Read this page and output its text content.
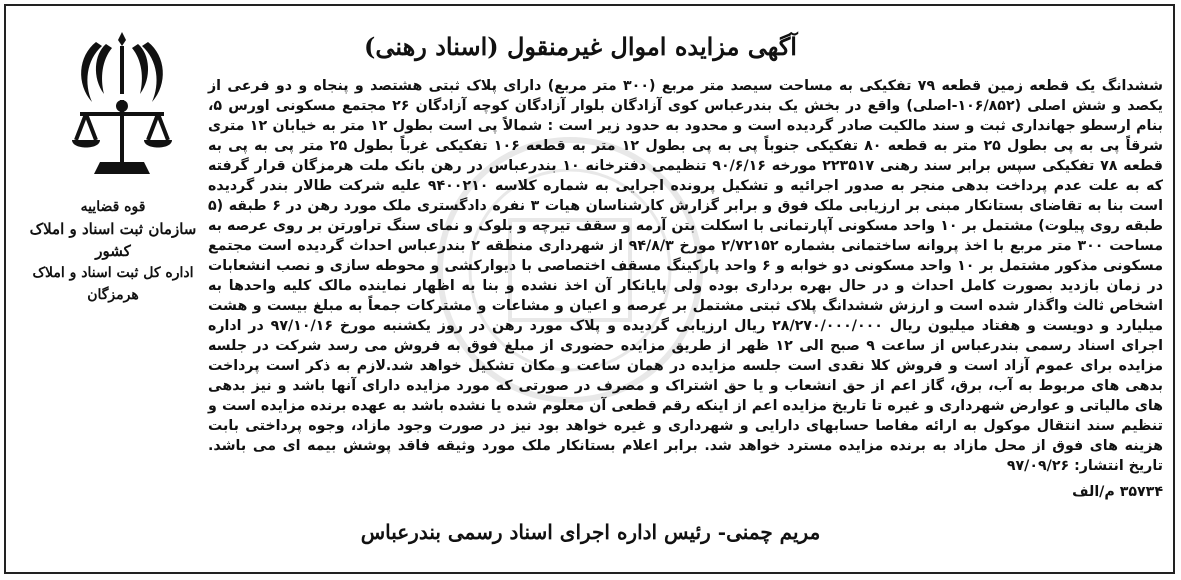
آگهی مزایده اموال غیرمنقول (اسناد رهنی)
قوه قضاییه
سازمان ثبت اسناد و املاک کشور
اداره کل ثبت اسناد و املاک هرمزگان

ششدانگ یک قطعه زمین قطعه ۷۹ تفکیکی به مساحت سیصد متر مربع (۳۰۰ متر مربع) دارای پلاک ثبتی هشتصد و پنجاه و دو فرعی از یکصد و شش اصلی (۱۰۶/۸۵۲-اصلی) واقع در بخش یک بندرعباس کوی آزادگان بلوار آزادگان کوچه آزادگان ۲۶ مجتمع مسکونی اورس ۵، بنام ارسطو جهانداری ثبت و سند مالکیت صادر گردیده است و محدود به حدود زیر است : شمالاً پی است بطول ۱۲ متر به خیابان ۱۲ متری شرقاً پی به پی بطول ۲۵ متر به قطعه ۸۰ تفکیکی جنوباً پی به پی بطول ۱۲ متر به قطعه ۱۰۶ تفکیکی غرباً بطول ۲۵ متر پی به پی به قطعه ۷۸ تفکیکی سپس برابر سند رهنی ۲۲۳۵۱۷ مورخه ۹۰/۶/۱۶ تنظیمی دفترخانه ۱۰ بندرعباس در رهن بانک ملت هرمزگان قرار گرفته که به علت عدم پرداخت بدهی منجر به صدور اجرائیه و تشکیل پرونده اجرایی به شماره کلاسه ۹۴۰۰۲۱۰ علیه شرکت طالار بندر گردیده است بنا به تقاضای بستانکار مبنی بر ارزیابی ملک فوق و برابر گزارش کارشناسان هیات ۳ نفره دادگستری ملک مورد رهن در ۶ طبقه (۵ طبقه روی پیلوت) مشتمل بر ۱۰ واحد مسکونی آپارتمانی با اسکلت بتن آرمه و سقف تیرچه و بلوک و نمای سنگ تراورتن بر روی عرصه به مساحت ۳۰۰ متر مربع با اخذ پروانه ساختمانی بشماره ۲/۷۲۱۵۲ مورخ ۹۴/۸/۳ از شهرداری منطقه ۲ بندرعباس احداث گردیده است مجتمع مسکونی مذکور مشتمل بر ۱۰ واحد مسکونی دو خوابه و ۶ واحد پارکینگ مسقف اختصاصی با دیوارکشی و محوطه سازی و نصب انشعابات در زمان بازدید بصورت کامل احداث و در حال بهره برداری بوده ولی پایانکار آن اخذ نشده و بنا به اظهار نماینده مالک کلیه واحدها به اشخاص ثالث واگذار شده است و ارزش ششدانگ پلاک ثبتی مشتمل بر عرصه و اعیان و مشاعات و مشترکات جمعاً به مبلغ بیست و هشت میلیارد و دویست و هفتاد میلیون ریال ۲۸/۲۷۰/۰۰۰/۰۰۰ ریال ارزیابی گردیده و پلاک مورد رهن در روز یکشنبه مورخ ۹۷/۱۰/۱۶ در اداره اجرای اسناد رسمی بندرعباس از ساعت ۹ صبح الی ۱۲ ظهر از طریق مزایده حضوری از مبلغ فوق به فروش می رسد شرکت در جلسه مزایده برای عموم آزاد است و فروش کلا نقدی است جلسه مزایده در همان ساعت و مکان تشکیل خواهد شد.لازم به ذکر است پرداخت بدهی های مربوط به آب، برق، گاز اعم از حق انشعاب و یا حق اشتراک و مصرف در صورتی که مورد مزایده دارای آنها باشد و نیز بدهی های مالیاتی و عوارض شهرداری و غیره تا تاریخ مزایده اعم از اینکه رقم قطعی آن معلوم شده یا نشده باشد به عهده برنده مزایده است و تنظیم سند انتقال موکول به ارائه مفاصا حسابهای دارایی و شهرداری و غیره خواهد بود نیز در صورت وجود مازاد، وجوه پرداختی بابت هزینه های فوق از محل مازاد به برنده مزایده مسترد خواهد شد. برابر اعلام بستانکار ملک مورد وثیقه فاقد پوشش بیمه ای می باشد. تاریخ انتشار: ۹۷/۰۹/۲۶

۳۵۷۳۴ م/الف
مریم چمنی- رئیس اداره اجرای اسناد رسمی بندرعباس
